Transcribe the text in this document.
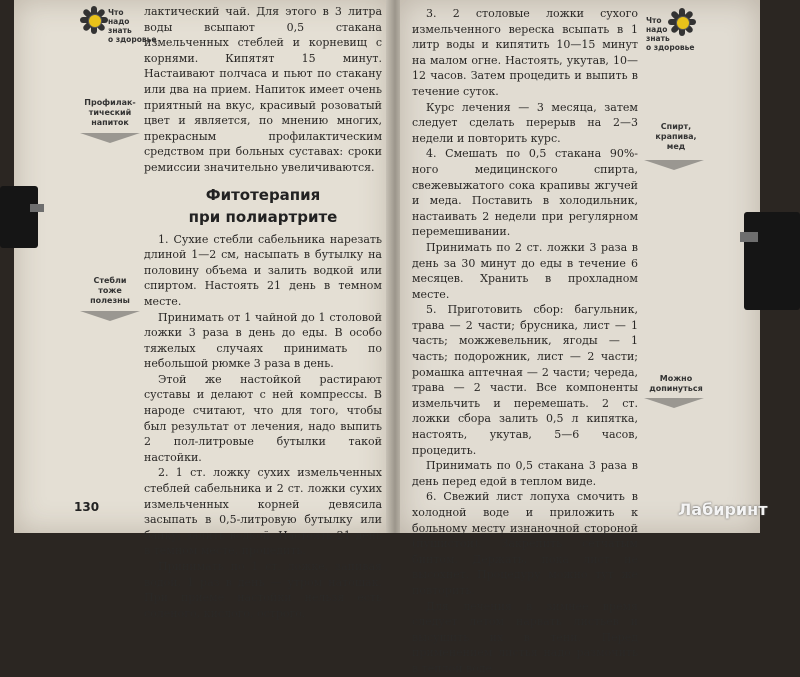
Что
надо
знать
о здоровье
Профилак-
тический
напиток
Стебли
тоже
полезны

лактический чай. Для этого в 3 литра воды всыпают 0,5 стакана измельченных стеблей и корневищ с корнями. Кипятят 15 минут. Настаивают полчаса и пьют по стакану или два на прием. Напиток имеет очень приятный на вкус, красивый розоватый цвет и является, по мнению многих, прекрасным профилактическим средством при больных суставах: сроки ремиссии значительно увеличиваются.

Фитотерапия
при полиартрите

1. Сухие стебли сабельника нарезать длиной 1—2 см, насыпать в бутылку на половину объема и залить водкой или спиртом. Настоять 21 день в темном месте.

Принимать от 1 чайной до 1 столовой ложки 3 раза в день до еды. В особо тяжелых случаях принимать по небольшой рюмке 3 раза в день.

Этой же настойкой растирают суставы и делают с ней компрессы. В народе считают, что для того, чтобы был результат от лечения, надо выпить 2 пол-литровые бутылки такой настойки.

2. 1 ст. ложку сухих измельченных стеблей сабельника и 2 ст. ложки сухих измельченных корней девясила засыпать в 0,5-литровую бутылку или банку, залить водкой. Настоять 21 день в темном месте, процедить.

Принимать по 1 ст. ложке, запивая водой, 1 раз в день — утром натощак. При приеме настойки нельзя есть соленого, кислого, острого.

130
Что
надо
знать
о здоровье
Спирт,
крапива,
мед
Можно
допинуться

3. 2 столовые ложки сухого измельченного вереска всыпать в 1 литр воды и кипятить 10—15 минут на малом огне. Настоять, укутав, 10—12 часов. Затем процедить и выпить в течение суток.

Курс лечения — 3 месяца, затем следует сделать перерыв на 2—3 недели и повторить курс.

4. Смешать по 0,5 стакана 90%-ного медицинского спирта, свежевыжатого сока крапивы жгучей и меда. Поставить в холодильник, настаивать 2 недели при регулярном перемешивании.

Принимать по 2 ст. ложки 3 раза в день за 30 минут до еды в течение 6 месяцев. Хранить в прохладном месте.

5. Приготовить сбор: багульник, трава — 2 части; брусника, лист — 1 часть; можжевельник, ягоды — 1 часть; подорожник, лист — 2 части; ромашка аптечная — 2 части; череда, трава — 2 части. Все компоненты измельчить и перемешать. 2 ст. ложки сбора залить 0,5 л кипятка, настоять, укутав, 5—6 часов, процедить.

Принимать по 0,5 стакана 3 раза в день перед едой в теплом виде.

6. Свежий лист лопуха смочить в холодной воде и приложить к больному месту изнаночной стороной (пушистой). Закрепить сетчатым бинтом. Держать, пока лист не высохнет. Процедуру можно тут же повторить.

Для лечения в зимнее время следует летом нарвать листьев и высушить их в тени. Перед применением листья надо размочить в теплой воде.

Лабиринт
